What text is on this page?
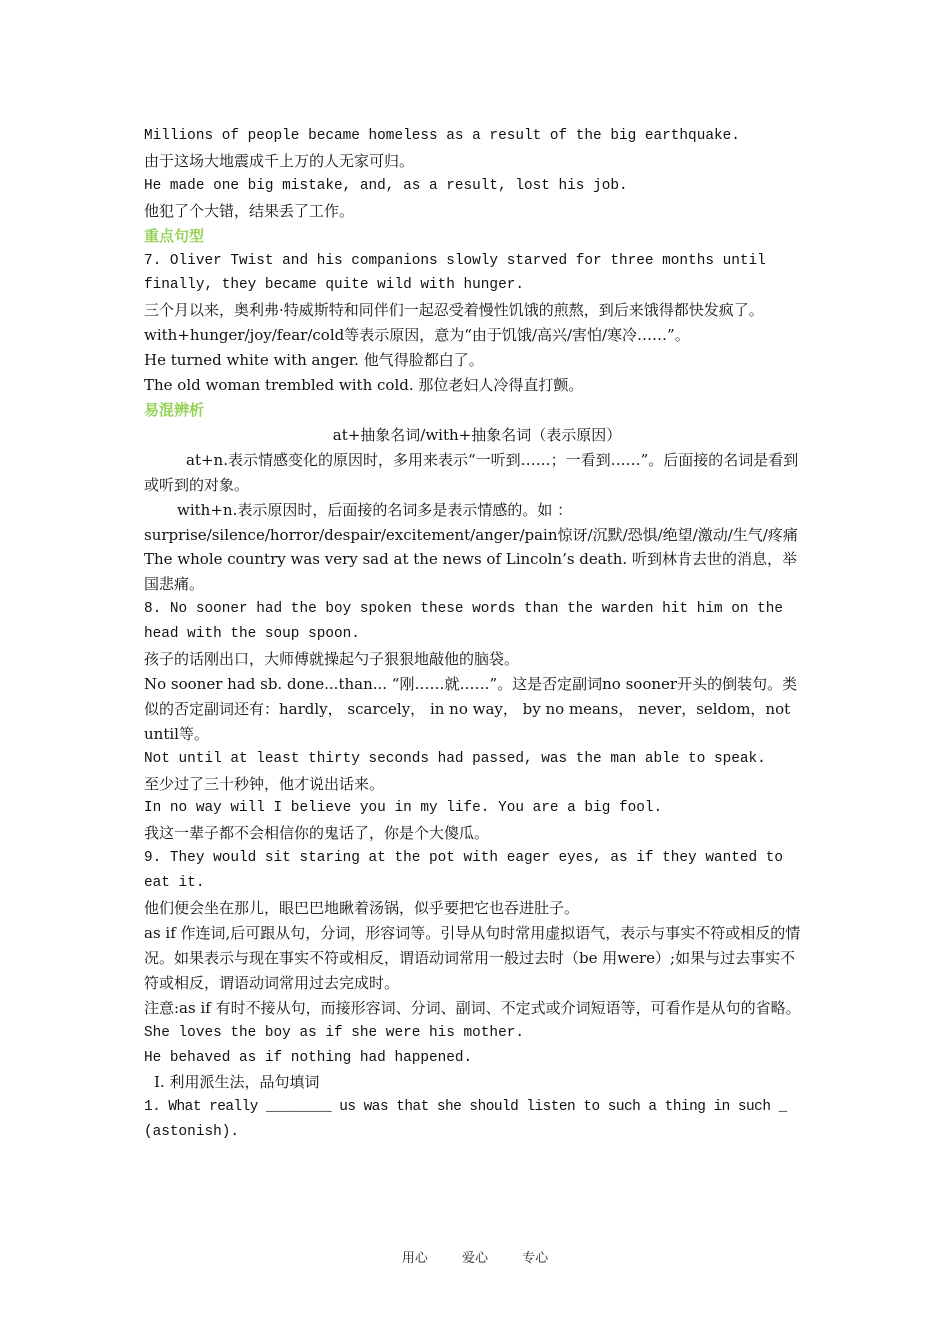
Millions of people became homeless as a result of the big earthquake.
由于这场大地震成千上万的人无家可归。
He made one big mistake, and, as a result, lost his job.
他犯了个大错，结果丢了工作。
重点句型
7. Oliver Twist and his companions slowly starved for three months until finally, they became quite wild with hunger.
三个月以来，奥利弗·特威斯特和同伴们一起忍受着慢性饥饿的煎熬，到后来饿得都快发疯了。
with+hunger/joy/fear/cold等表示原因，意为“由于饥饿/高兴/害怕/寒冷……”。
He turned white with anger. 他气得脸都白了。
The old woman trembled with cold. 那位老妇人冷得直打颤。
易混辨析
at+抽象名词/with+抽象名词（表示原因）
at+n.表示情感变化的原因时，多用来表示“一听到……；一看到……”。后面接的名词是看到或听到的对象。
with+n.表示原因时，后面接的名词多是表示情感的。如 ：surprise/silence/horror/despair/excitement/anger/pain惊讶/沉默/恐惧/绝望/激动/生气/疼痛
The whole country was very sad at the news of Lincoln’s death. 听到林肯去世的消息，举国悲痛。
8. No sooner had the boy spoken these words than the warden hit him on the head with the soup spoon.
孩子的话刚出口，大师傅就操起勺子狠狠地敲他的脑袋。
No sooner had sb. done...than... “刚……就……”。这是否定副词no sooner开头的倒装句。类似的否定副词还有：hardly， scarcely， in no way， by no means， never，seldom，not until等。
Not until at least thirty seconds had passed, was the man able to speak.
至少过了三十秒钟，他才说出话来。
In no way will I believe you in my life. You are a big fool.
我这一辈子都不会相信你的鬼话了，你是个大傻瓜。
9. They would sit staring at the pot with eager eyes, as if they wanted to eat it.
他们便会坐在那儿，眼巴巴地瞅着汤锅，似乎要把它也吞进肚子。
as if 作连词,后可跟从句，分词，形容词等。引导从句时常用虚拟语气，表示与事实不符或相反的情况。如果表示与现在事实不符或相反，谓语动词常用一般过去时（be 用were）;如果与过去事实不符或相反，谓语动词常用过去完成时。
注意:as if 有时不接从句，而接形容词、分词、副词、不定式或介词短语等，可看作是从句的省略。
She loves the boy as if she were his mother.
He behaved as if nothing had happened.
Ⅰ. 利用派生法，品句填词
1. What really ________ us was that she should listen to such a thing in such _
(astonish).
用心	爱心	专心
